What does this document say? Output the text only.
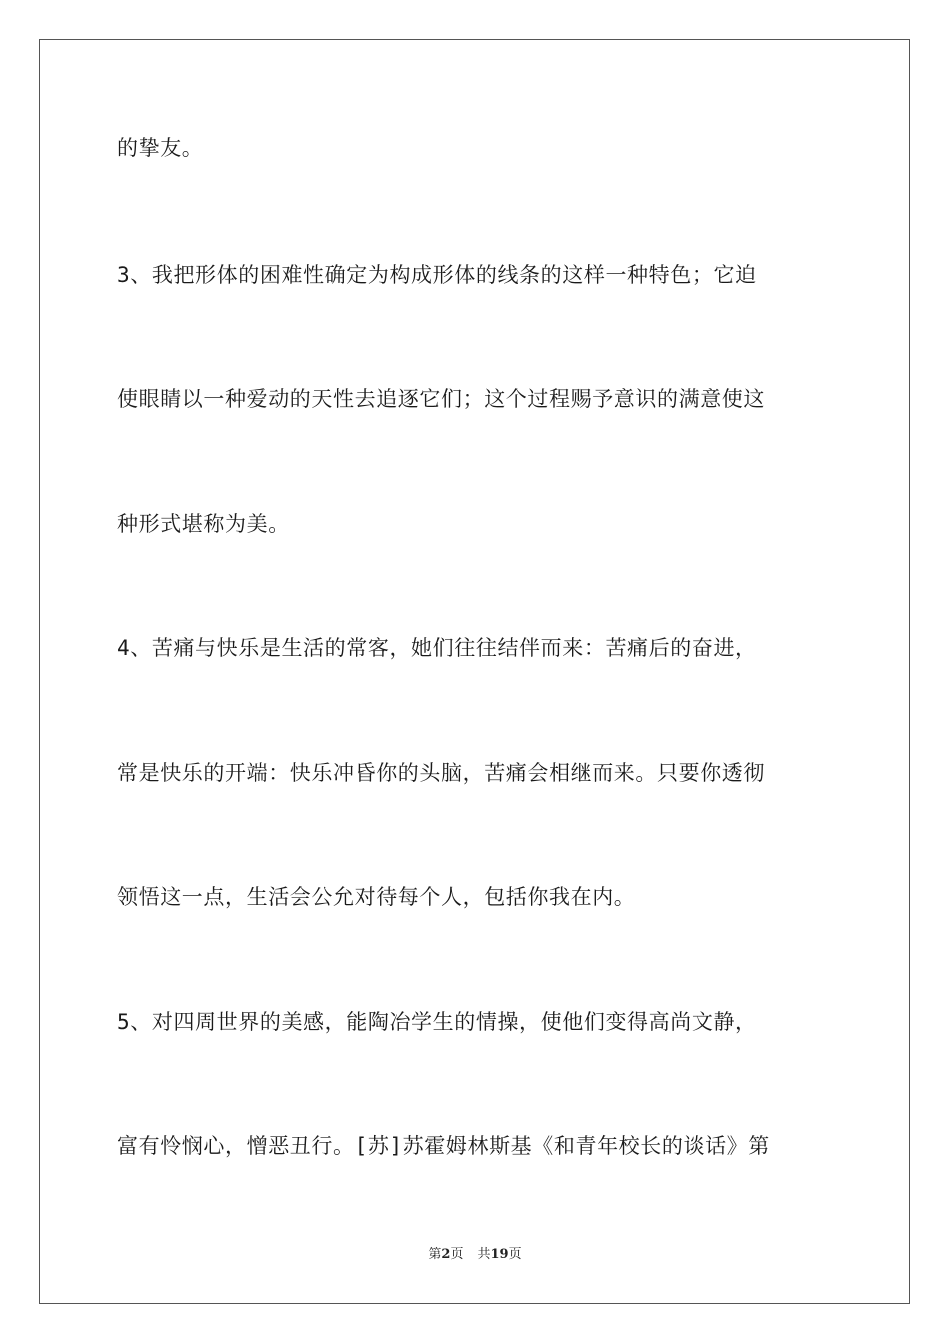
的挚友。
3、我把形体的困难性确定为构成形体的线条的这样一种特色；它迫
使眼睛以一种爱动的天性去追逐它们；这个过程赐予意识的满意使这
种形式堪称为美。
4、苦痛与快乐是生活的常客，她们往往结伴而来：苦痛后的奋进，
常是快乐的开端：快乐冲昏你的头脑，苦痛会相继而来。只要你透彻
领悟这一点，生活会公允对待每个人，包括你我在内。
5、对四周世界的美感，能陶冶学生的情操，使他们变得高尚文静，
富有怜悯心，憎恶丑行。[苏]苏霍姆林斯基《和青年校长的谈话》第
第2页 共19页
